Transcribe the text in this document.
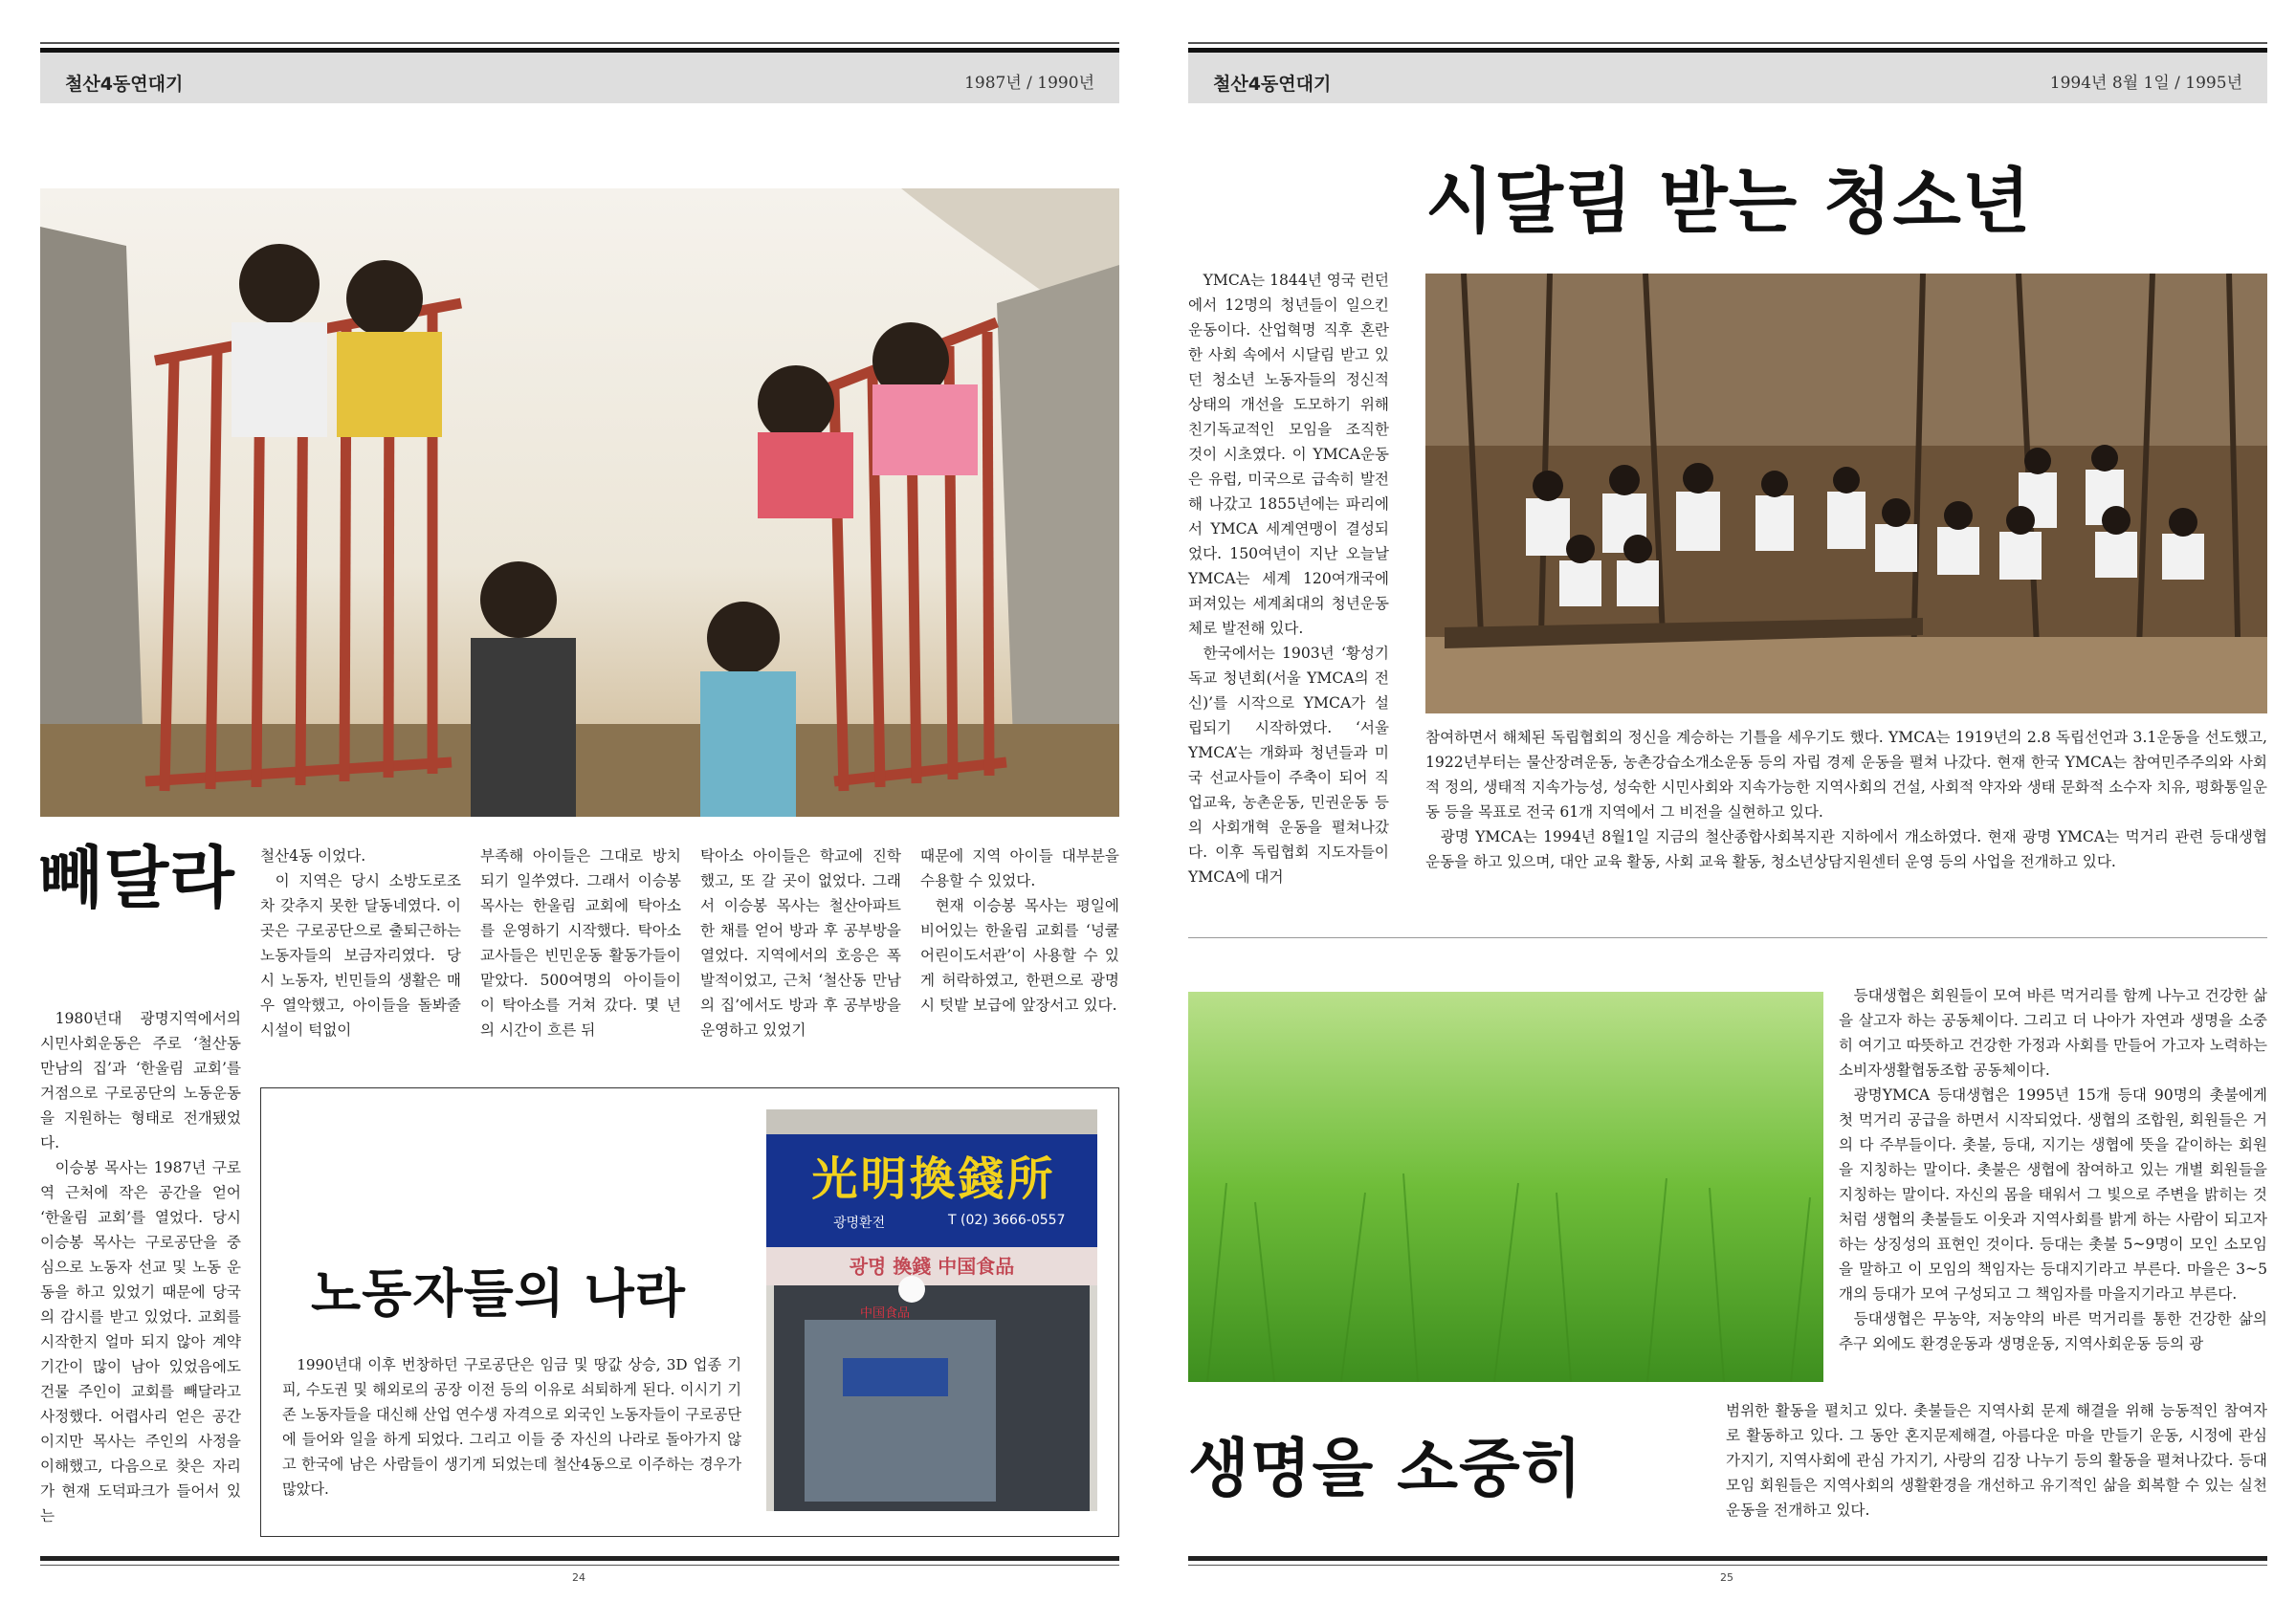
철산4동연대기	1987년 / 1990년
빼달라

1980년대 광명지역에서의 시민사회운동은 주로 ‘철산동 만남의 집’과 ‘한울림 교회’를 거점으로 구로공단의 노동운동을 지원하는 형태로 전개됐었다.

이승봉 목사는 1987년 구로역 근처에 작은 공간을 얻어 ‘한울림 교회’를 열었다. 당시 이승봉 목사는 구로공단을 중심으로 노동자 선교 및 노동 운동을 하고 있었기 때문에 당국의 감시를 받고 있었다. 교회를 시작한지 얼마 되지 않아 계약기간이 많이 남아 있었음에도 건물 주인이 교회를 빼달라고 사정했다. 어렵사리 얻은 공간이지만 목사는 주인의 사정을 이해했고, 다음으로 찾은 자리가 현재 도덕파크가 들어서 있는

철산4동 이었다.

이 지역은 당시 소방도로조차 갖추지 못한 달동네였다. 이곳은 구로공단으로 출퇴근하는 노동자들의 보금자리였다. 당시 노동자, 빈민들의 생활은 매우 열악했고, 아이들을 돌봐줄 시설이 턱없이

부족해 아이들은 그대로 방치되기 일쑤였다. 그래서 이승봉 목사는 한울림 교회에 탁아소를 운영하기 시작했다. 탁아소 교사들은 빈민운동 활동가들이 맡았다. 500여명의 아이들이 이 탁아소를 거쳐 갔다. 몇 년의 시간이 흐른 뒤

탁아소 아이들은 학교에 진학했고, 또 갈 곳이 없었다. 그래서 이승봉 목사는 철산아파트 한 채를 얻어 방과 후 공부방을 열었다. 지역에서의 호응은 폭발적이었고, 근처 ‘철산동 만남의 집’에서도 방과 후 공부방을 운영하고 있었기

때문에 지역 아이들 대부분을 수용할 수 있었다.

현재 이승봉 목사는 평일에 비어있는 한울림 교회를 ‘넝쿨어린이도서관’이 사용할 수 있게 허락하였고, 한편으로 광명시 텃밭 보급에 앞장서고 있다.

노동자들의 나라

1990년대 이후 번창하던 구로공단은 임금 및 땅값 상승, 3D 업종 기피, 수도권 및 해외로의 공장 이전 등의 이유로 쇠퇴하게 된다. 이시기 기존 노동자들을 대신해 산업 연수생 자격으로 외국인 노동자들이 구로공단에 들어와 일을 하게 되었다. 그리고 이들 중 자신의 나라로 돌아가지 않고 한국에 남은 사람들이 생기게 되었는데 철산4동으로 이주하는 경우가 많았다.

光明換錢所
광명환전	T (02) 3666-0557
광명 換錢 中国食品
中国食品
24
철산4동연대기	1994년 8월 1일 / 1995년
시달림 받는 청소년

YMCA는 1844년 영국 런던에서 12명의 청년들이 일으킨 운동이다. 산업혁명 직후 혼란한 사회 속에서 시달림 받고 있던 청소년 노동자들의 정신적 상태의 개선을 도모하기 위해 친기독교적인 모임을 조직한 것이 시초였다. 이 YMCA운동은 유럽, 미국으로 급속히 발전해 나갔고 1855년에는 파리에서 YMCA 세계연맹이 결성되었다. 150여년이 지난 오늘날 YMCA는 세계 120여개국에 퍼져있는 세계최대의 청년운동체로 발전해 있다.

한국에서는 1903년 ‘황성기독교 청년회(서울 YMCA의 전신)’를 시작으로 YMCA가 설립되기 시작하였다. ‘서울 YMCA’는 개화파 청년들과 미국 선교사들이 주축이 되어 직업교육, 농촌운동, 민권운동 등의 사회개혁 운동을 펼쳐나갔다. 이후 독립협회 지도자들이 YMCA에 대거

참여하면서 해체된 독립협회의 정신을 계승하는 기틀을 세우기도 했다. YMCA는 1919년의 2.8 독립선언과 3.1운동을 선도했고, 1922년부터는 물산장려운동, 농촌강습소개소운동 등의 자립 경제 운동을 펼쳐 나갔다. 현재 한국 YMCA는 참여민주주의와 사회적 정의, 생태적 지속가능성, 성숙한 시민사회와 지속가능한 지역사회의 건설, 사회적 약자와 생태 문화적 소수자 치유, 평화통일운동 등을 목표로 전국 61개 지역에서 그 비전을 실현하고 있다.

광명 YMCA는 1994년 8월1일 지금의 철산종합사회복지관 지하에서 개소하였다. 현재 광명 YMCA는 먹거리 관련 등대생협 운동을 하고 있으며, 대안 교육 활동, 사회 교육 활동, 청소년상담지원센터 운영 등의 사업을 전개하고 있다.

등대생협은 회원들이 모여 바른 먹거리를 함께 나누고 건강한 삶을 살고자 하는 공동체이다. 그리고 더 나아가 자연과 생명을 소중히 여기고 따뜻하고 건강한 가정과 사회를 만들어 가고자 노력하는 소비자생활협동조합 공동체이다.

광명YMCA 등대생협은 1995년 15개 등대 90명의 촛불에게 첫 먹거리 공급을 하면서 시작되었다. 생협의 조합원, 회원들은 거의 다 주부들이다. 촛불, 등대, 지기는 생협에 뜻을 같이하는 회원을 지칭하는 말이다. 촛불은 생협에 참여하고 있는 개별 회원들을 지칭하는 말이다. 자신의 몸을 태워서 그 빛으로 주변을 밝히는 것처럼 생협의 촛불들도 이웃과 지역사회를 밝게 하는 사람이 되고자 하는 상징성의 표현인 것이다. 등대는 촛불 5~9명이 모인 소모임을 말하고 이 모임의 책임자는 등대지기라고 부른다. 마을은 3~5개의 등대가 모여 구성되고 그 책임자를 마을지기라고 부른다.

등대생협은 무농약, 저농약의 바른 먹거리를 통한 건강한 삶의 추구 외에도 환경운동과 생명운동, 지역사회운동 등의 광

생명을 소중히

범위한 활동을 펼치고 있다. 촛불들은 지역사회 문제 해결을 위해 능동적인 참여자로 활동하고 있다. 그 동안 혼지문제해결, 아름다운 마을 만들기 운동, 시정에 관심 가지기, 지역사회에 관심 가지기, 사랑의 김장 나누기 등의 활동을 펼쳐나갔다. 등대모임 회원들은 지역사회의 생활환경을 개선하고 유기적인 삶을 회복할 수 있는 실천운동을 전개하고 있다.

25
